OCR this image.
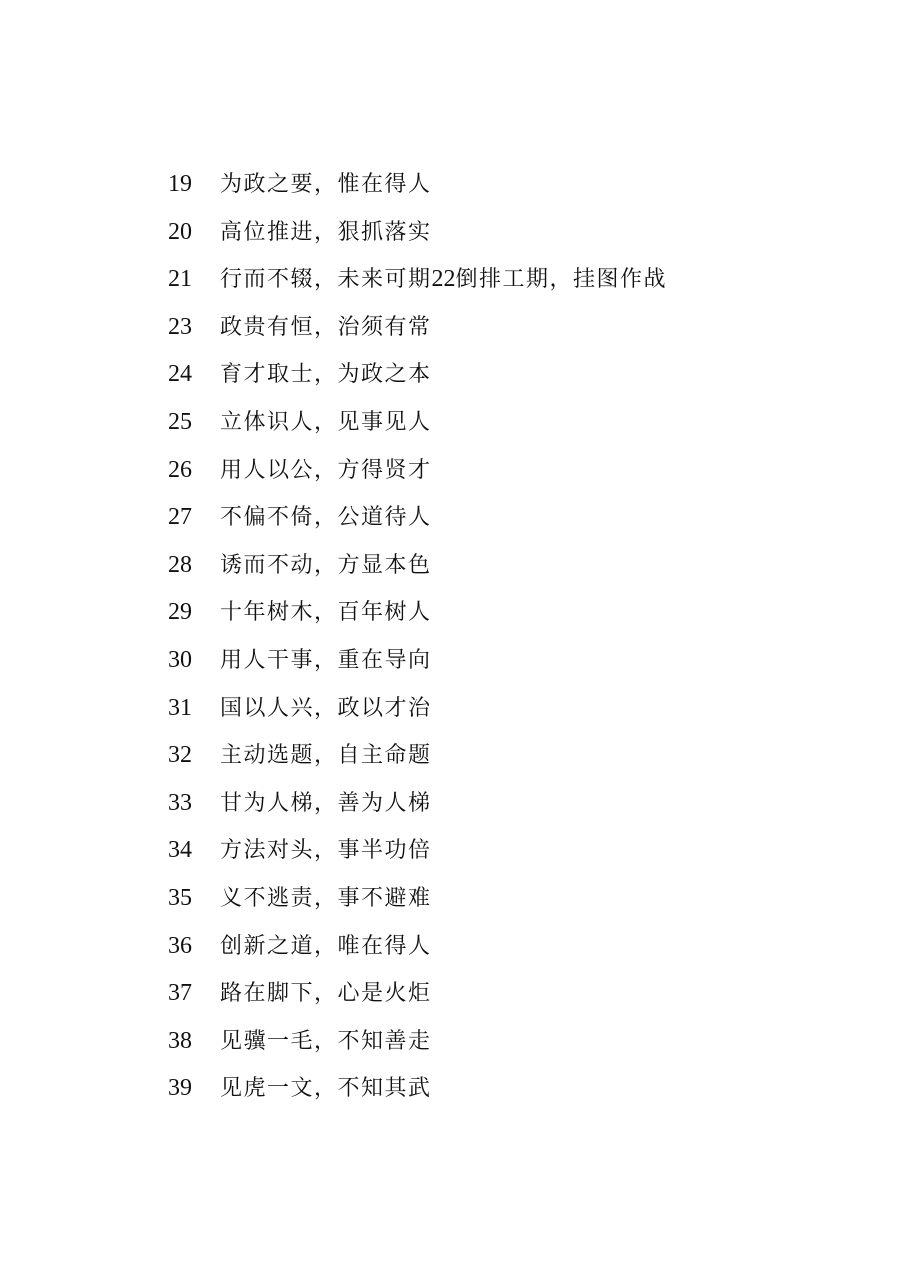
19 为政之要，惟在得人
20 高位推进，狠抓落实
21 行而不辍，未来可期22倒排工期，挂图作战
23 政贵有恒，治须有常
24 育才取士，为政之本
25 立体识人，见事见人
26 用人以公，方得贤才
27 不偏不倚，公道待人
28 诱而不动，方显本色
29 十年树木，百年树人
30 用人干事，重在导向
31 国以人兴，政以才治
32 主动选题，自主命题
33 甘为人梯，善为人梯
34 方法对头，事半功倍
35 义不逃责，事不避难
36 创新之道，唯在得人
37 路在脚下，心是火炬
38 见骥一毛，不知善走
39 见虎一文，不知其武
